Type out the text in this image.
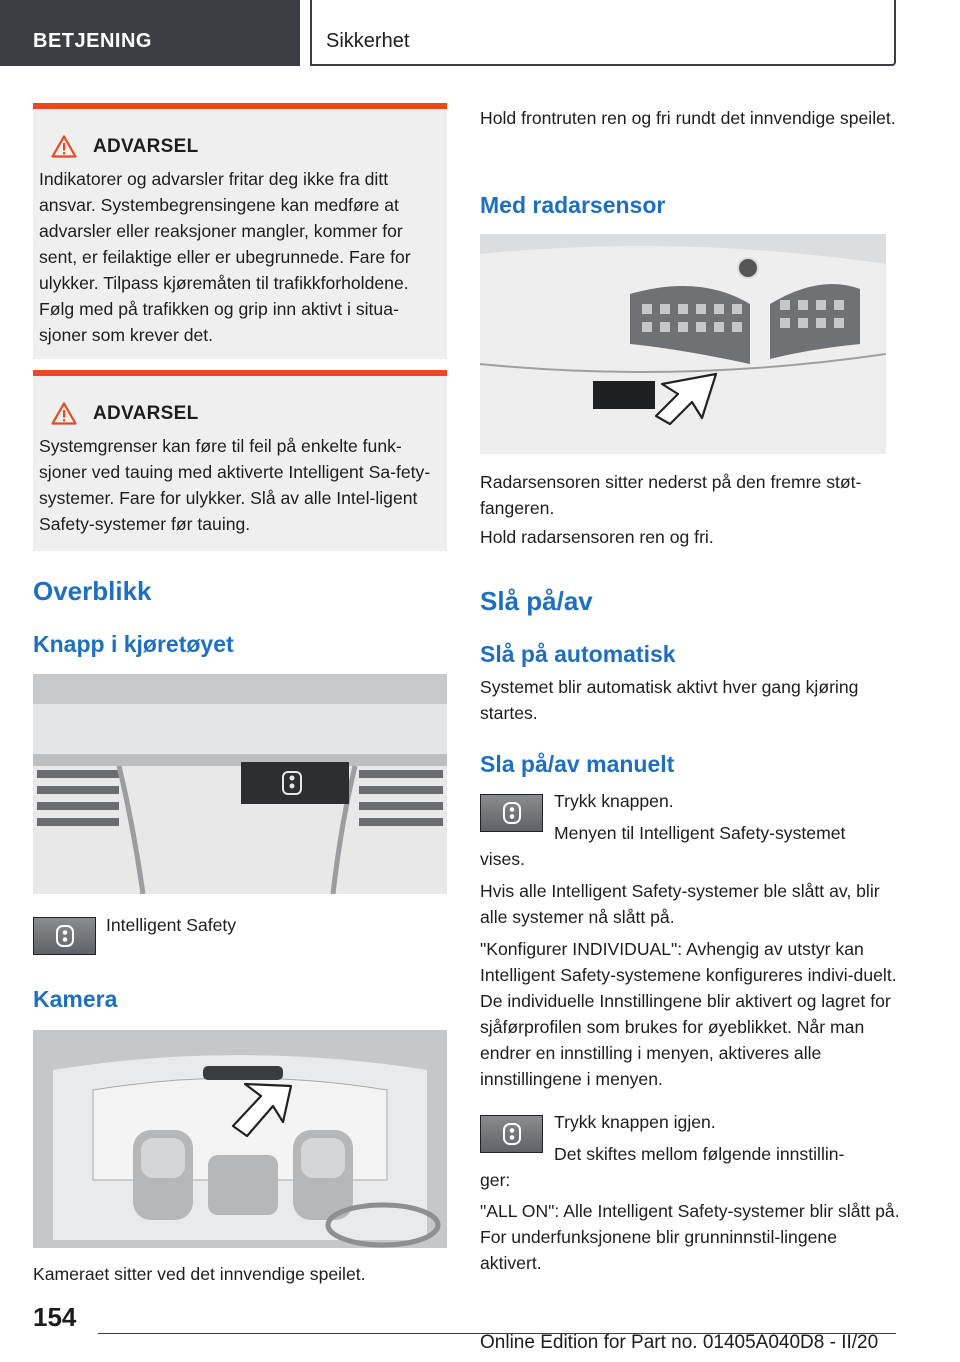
BETJENING	Sikkerhet
ADVARSEL

Indikatorer og advarsler fritar deg ikke fra ditt ansvar. Systembegrensingene kan medføre at advarsler eller reaksjoner mangler, kommer for sent, er feilaktige eller er ubegrunnede. Fare for ulykker. Tilpass kjøremåten til trafikkforholdene. Følg med på trafikken og grip inn aktivt i situa-sjoner som krever det.

ADVARSEL

Systemgrenser kan føre til feil på enkelte funk-sjoner ved tauing med aktiverte Intelligent Sa-fety-systemer. Fare for ulykker. Slå av alle Intel-ligent Safety-systemer før tauing.

Overblikk
Knapp i kjøretøyet
Intelligent Safety
Kamera
Kameraet sitter ved det innvendige speilet.
Hold frontruten ren og fri rundt det innvendige speilet.
Med radarsensor
Radarsensoren sitter nederst på den fremre støt-fangeren.
Hold radarsensoren ren og fri.
Slå på/av
Slå på automatisk
Systemet blir automatisk aktivt hver gang kjøring startes.
Sla på/av manuelt
Trykk knappen.
Menyen til Intelligent Safety-systemet
vises.
Hvis alle Intelligent Safety-systemer ble slått av, blir alle systemer nå slått på.
"Konfigurer INDIVIDUAL": Avhengig av utstyr kan Intelligent Safety-systemene konfigureres indivi-duelt. De individuelle Innstillingene blir aktivert og lagret for sjåførprofilen som brukes for øyeblikket. Når man endrer en innstilling i menyen, aktiveres alle innstillingene i menyen.
Trykk knappen igjen.
Det skiftes mellom følgende innstillin-
ger:
"ALL ON": Alle Intelligent Safety-systemer blir slått på. For underfunksjonene blir grunninnstil-lingene aktivert.
154
Online Edition for Part no. 01405A040D8 - II/20
